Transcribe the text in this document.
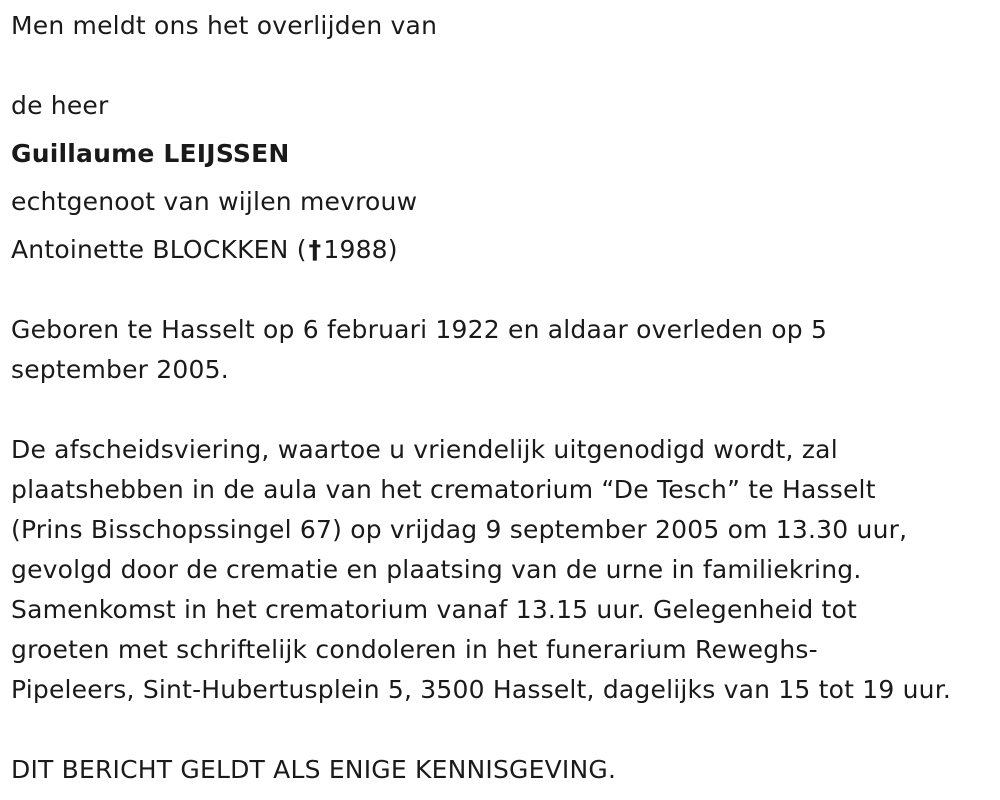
Men meldt ons het overlijden van
de heer
Guillaume LEIJSSEN
echtgenoot van wijlen mevrouw
Antoinette BLOCKKEN (†1988)
Geboren te Hasselt op 6 februari 1922 en aldaar overleden op 5
september 2005.
De afscheidsviering, waartoe u vriendelijk uitgenodigd wordt, zal
plaatshebben in de aula van het crematorium “De Tesch” te Hasselt
(Prins Bisschopssingel 67) op vrijdag 9 september 2005 om 13.30 uur,
gevolgd door de crematie en plaatsing van de urne in familiekring.
Samenkomst in het crematorium vanaf 13.15 uur. Gelegenheid tot
groeten met schriftelijk condoleren in het funerarium Reweghs-
Pipeleers, Sint-Hubertusplein 5, 3500 Hasselt, dagelijks van 15 tot 19 uur.
DIT BERICHT GELDT ALS ENIGE KENNISGEVING.
